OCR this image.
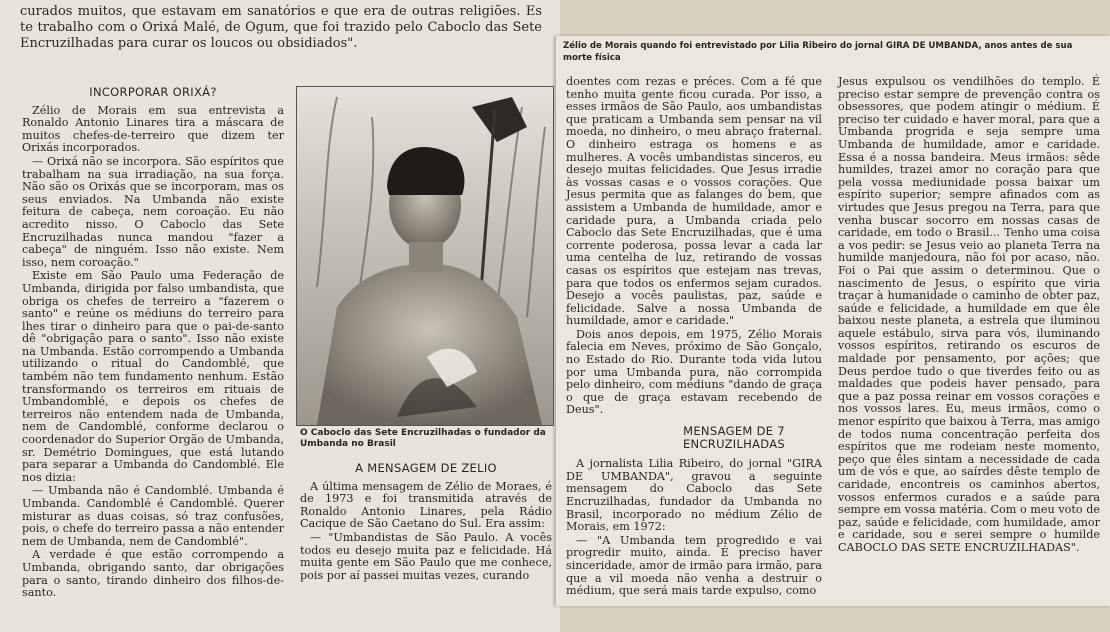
curados muitos, que estavam em sanatórios e que era de outras religiões. Es te trabalho com o Orixá Malé, de Ogum, que foi trazido pelo Caboclo das Sete Encruzilhadas para curar os loucos ou obsidiados".

INCORPORAR ORIXÁ?

Zélio de Morais em sua entrevista a Ronaldo Antonio Linares tira a máscara de muitos chefes-de-terreiro que dizem ter Orixás incorporados.

— Orixá não se incorpora. São espíritos que trabalham na sua irradiação, na sua força. Não são os Orixás que se incorporam, mas os seus enviados. Na Umbanda não existe feitura de cabeça, nem coroação. Eu não acredito nisso. O Caboclo das Sete Encruzilhadas nunca mandou "fazer a cabeça" de ninguém. Isso não existe. Nem isso, nem coroação."

Existe em São Paulo uma Federação de Umbanda, dirigida por falso umbandista, que obriga os chefes de terreiro a "fazerem o santo" e reúne os médiuns do terreiro para lhes tirar o dinheiro para que o pai-de-santo dê "obrigação para o santo". Isso não existe na Umbanda. Estão corrompendo a Umbanda utilizando o ritual do Candomblé, que também não tem fundamento nenhum. Estão transformando os terreiros em rituais de Umbandomblé, e depois os chefes de terreiros não entendem nada de Umbanda, nem de Candomblé, conforme declarou o coordenador do Superior Orgão de Umbanda, sr. Demétrio Domingues, que está lutando para separar a Umbanda do Candomblé. Ele nos dizia:

— Umbanda não é Candomblé. Umbanda é Umbanda. Candomblé é Candomblé. Querer misturar as duas coisas, só traz confusões, pois, o chefe do terreiro passa a não entender nem de Umbanda, nem de Candomblé".

A verdade é que estão corrompendo a Umbanda, obrigando santo, dar obrigações para o santo, tirando dinheiro dos filhos-de-santo.

O Caboclo das Sete Encruzilhadas o fundador da Umbanda no Brasil
A MENSAGEM DE ZELIO

A última mensagem de Zélio de Moraes, é de 1973 e foi transmitida através de Ronaldo Antonio Linares, pela Rádio Cacique de São Caetano do Sul. Era assim:

— "Umbandistas de São Paulo. A vocês todos eu desejo muita paz e felicidade. Há muita gente em São Paulo que me conhece, pois por aí passei muitas vezes, curando

Zélio de Morais quando foi entrevistado por Lilia Ribeiro do jornal GIRA DE UMBANDA, anos antes de sua morte física

doentes com rezas e préces. Com a fé que tenho muita gente ficou curada. Por isso, a esses irmãos de São Paulo, aos umbandistas que praticam a Umbanda sem pensar na vil moeda, no dinheiro, o meu abraço fraternal. O dinheiro estraga os homens e as mulheres. A vocês umbandistas sinceros, eu desejo muitas felicidades. Que Jesus irradie às vossas casas e o vossos corações. Que Jesus permita que as falanges do bem, que assistem a Umbanda de humildade, amor e caridade pura, a Umbanda criada pelo Caboclo das Sete Encruzilhadas, que é uma corrente poderosa, possa levar a cada lar uma centelha de luz, retirando de vossas casas os espíritos que estejam nas trevas, para que todos os enfermos sejam curados. Desejo a vocês paulistas, paz, saúde e felicidade. Salve a nossa Umbanda de humildade, amor e caridade."

Dois anos depois, em 1975, Zélio Morais falecia em Neves, próximo de São Gonçalo, no Estado do Rio. Durante toda vida lutou por uma Umbanda pura, não corrompida pelo dinheiro, com médiuns "dando de graça o que de graça estavam recebendo de Deus".

MENSAGEM DE 7 ENCRUZILHADAS

A jornalista Lilia Ribeiro, do jornal "GIRA DE UMBANDA", gravou a seguinte mensagem do Caboclo das Sete Encruzilhadas, fundador da Umbanda no Brasil, incorporado no médium Zélio de Morais, em 1972:

— "A Umbanda tem progredido e vai progredir muito, ainda. É preciso haver sinceridade, amor de irmão para irmão, para que a vil moeda não venha a destruir o médium, que será mais tarde expulso, como

Jesus expulsou os vendilhões do templo. É preciso estar sempre de prevenção contra os obsessores, que podem atingir o médium. É preciso ter cuidado e haver moral, para que a Umbanda progrida e seja sempre uma Umbanda de humildade, amor e caridade. Essa é a nossa bandeira. Meus irmãos: sêde humildes, trazei amor no coração para que pela vossa mediunidade possa baixar um espírito superior; sempre afinados com as virtudes que Jesus pregou na Terra, para que venha buscar socorro em nossas casas de caridade, em todo o Brasil... Tenho uma coisa a vos pedir: se Jesus veio ao planeta Terra na humilde manjedoura, não foi por acaso, não. Foi o Pai que assim o determinou. Que o nascimento de Jesus, o espírito que viria traçar à humanidade o caminho de obter paz, saúde e felicidade, a humildade em que êle baixou neste planeta, a estrela que iluminou aquele estábulo, sirva para vós, iluminando vossos espíritos, retirando os escuros de maldade por pensamento, por ações; que Deus perdoe tudo o que tiverdes feito ou as maldades que podeis haver pensado, para que a paz possa reinar em vossos corações e nos vossos lares. Eu, meus irmãos, como o menor espírito que baixou à Terra, mas amigo de todos numa concentração perfeita dos espíritos que me rodeiam neste momento, peço que êles sintam a necessidade de cada um de vós e que, ao saírdes dêste templo de caridade, encontreis os caminhos abertos, vossos enfermos curados e a saúde para sempre em vossa matéria. Com o meu voto de paz, saúde e felicidade, com humildade, amor e caridade, sou e serei sempre o humilde CABOCLO DAS SETE ENCRUZILHADAS".
